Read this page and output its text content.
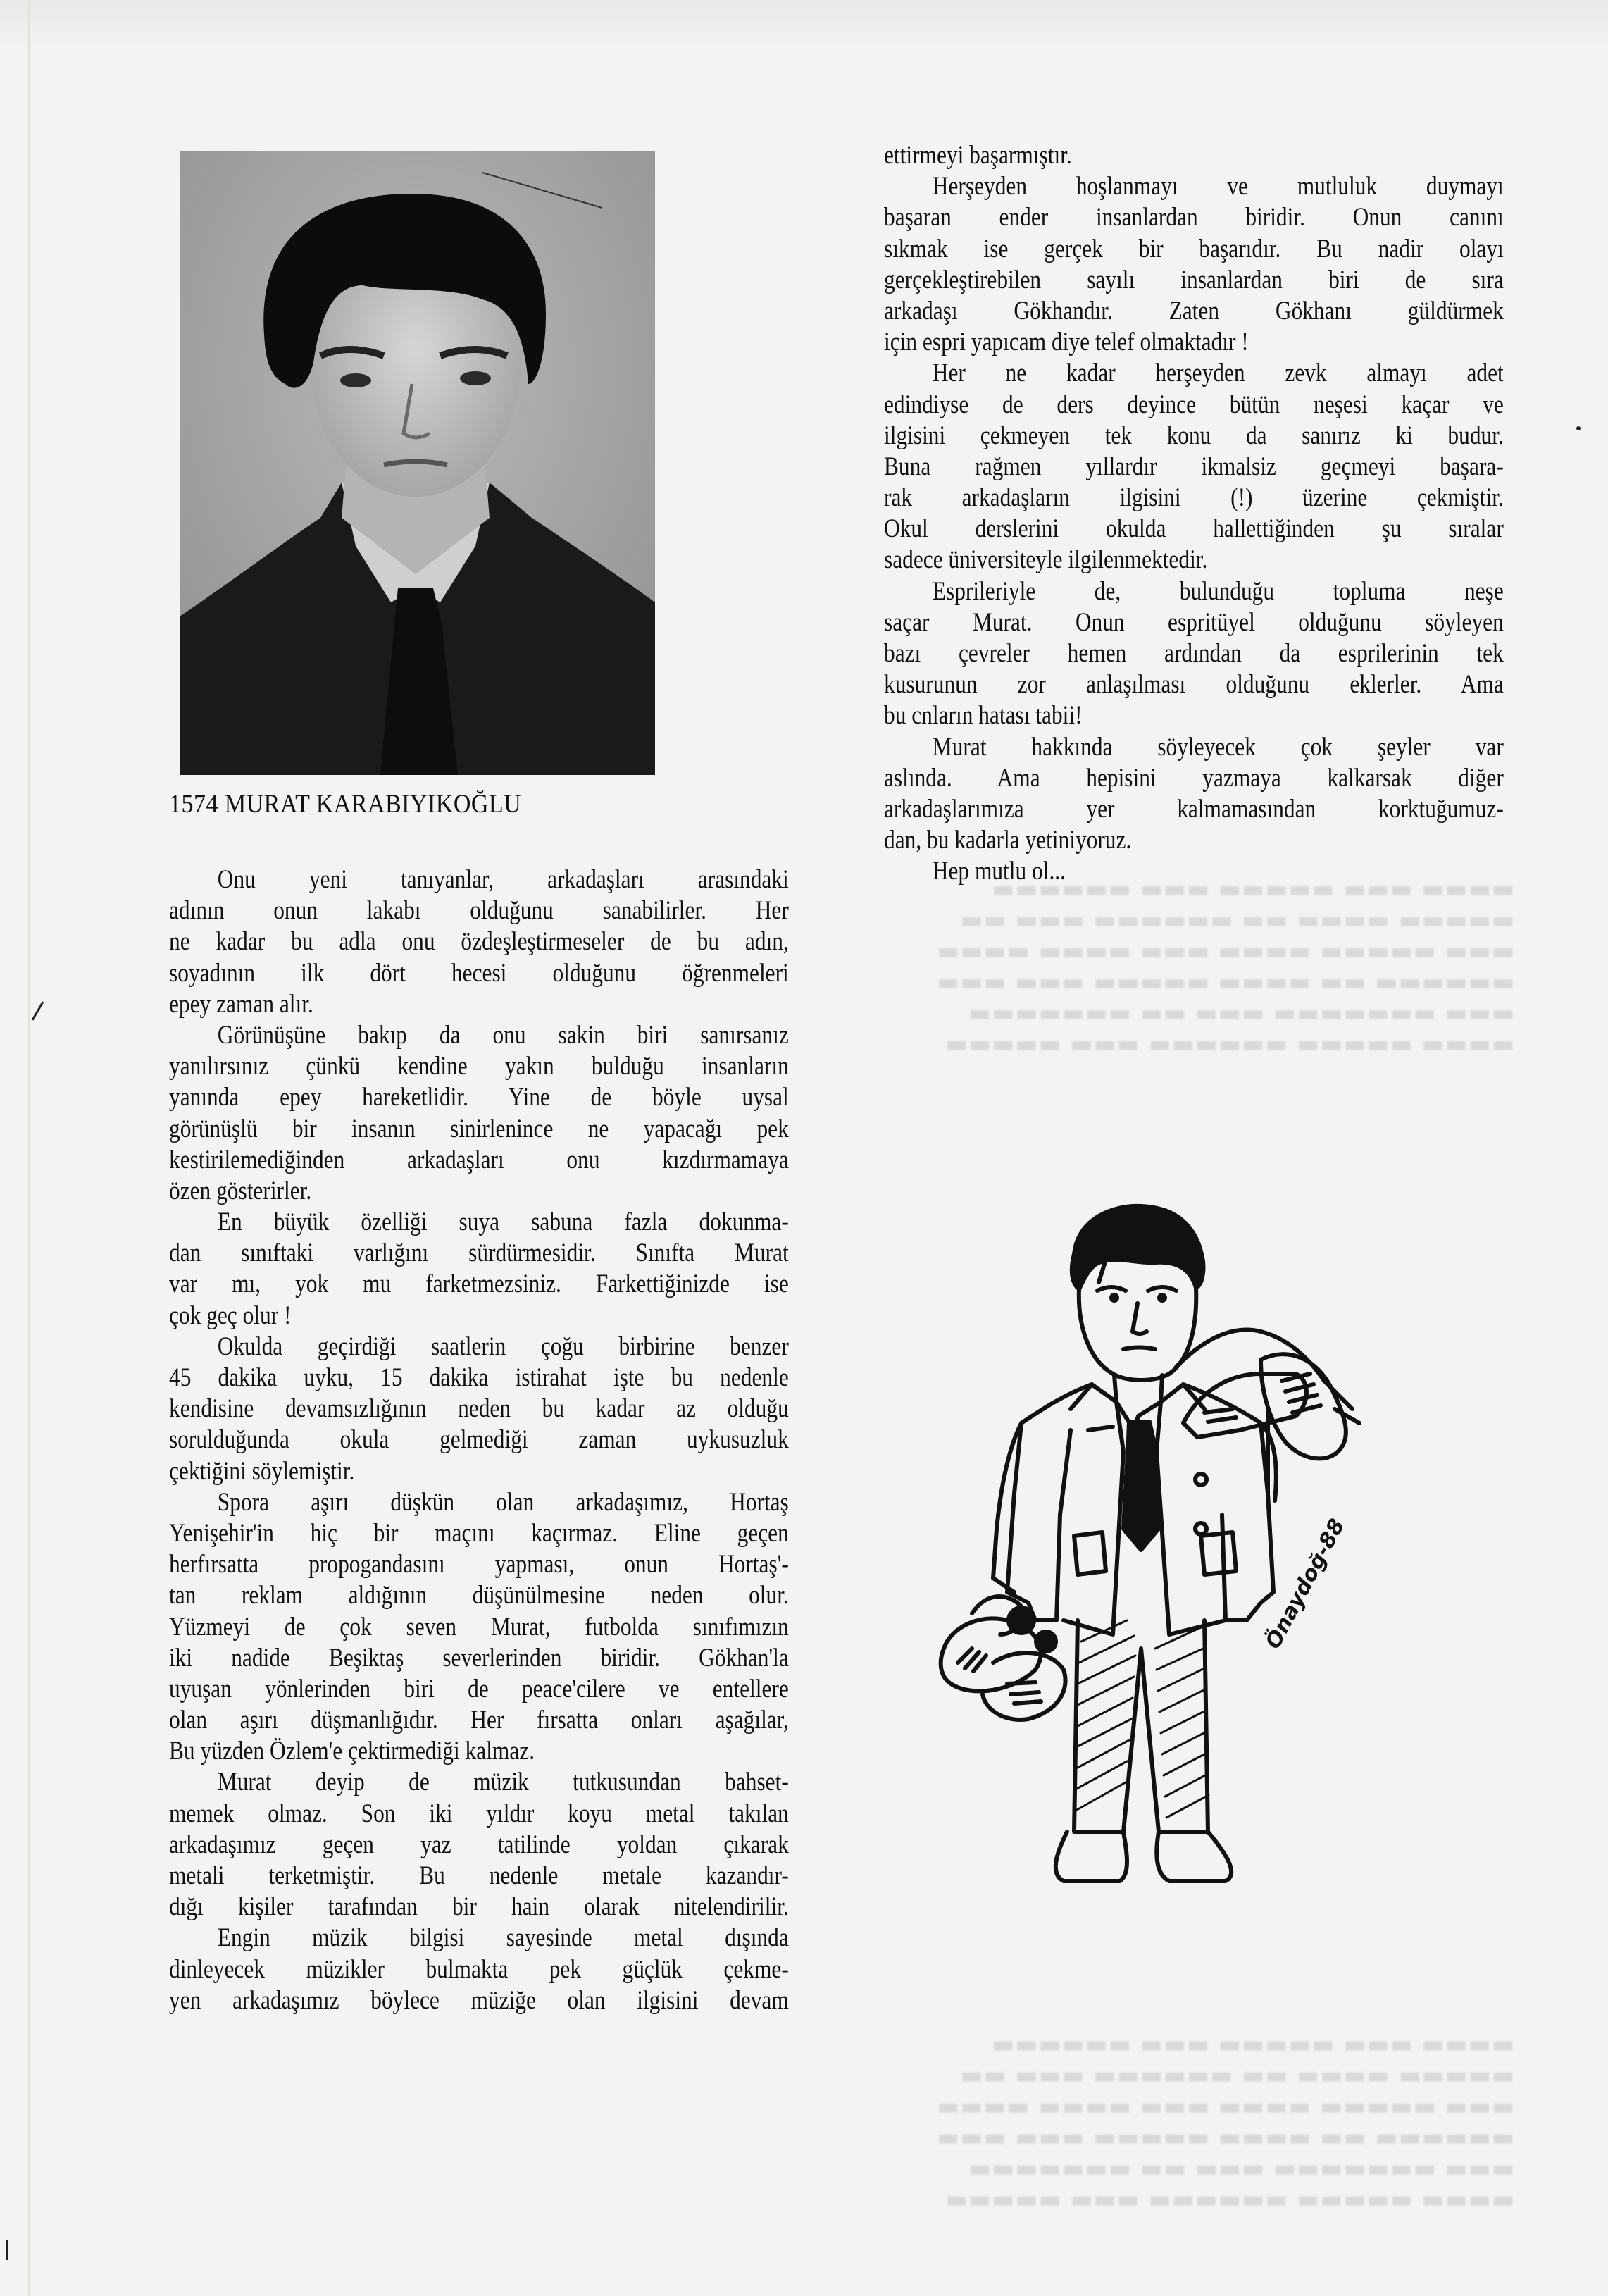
▬▬▬▬ ▬▬▬ ▬▬▬▬▬ ▬▬▬ ▬▬▬▬▬▬
▬▬▬▬▬ ▬▬▬▬ ▬▬ ▬▬▬▬▬▬ ▬▬▬ ▬▬
▬▬▬ ▬▬▬▬▬ ▬▬▬▬ ▬▬▬ ▬▬▬▬ ▬▬▬▬
▬▬▬▬▬▬ ▬▬ ▬▬▬▬ ▬▬▬▬▬ ▬▬▬ ▬▬▬
▬▬▬ ▬▬▬▬▬▬▬ ▬▬▬ ▬▬ ▬▬▬▬▬▬▬
▬▬▬▬ ▬▬▬▬▬ ▬▬▬▬▬▬ ▬▬▬ ▬▬▬▬▬
▬▬▬▬ ▬▬▬ ▬▬▬▬▬ ▬▬▬ ▬▬▬▬▬▬
▬▬▬▬▬ ▬▬▬▬ ▬▬ ▬▬▬▬▬▬ ▬▬▬ ▬▬
▬▬▬ ▬▬▬▬▬ ▬▬▬▬ ▬▬▬ ▬▬▬▬ ▬▬▬▬
▬▬▬▬▬▬ ▬▬ ▬▬▬▬ ▬▬▬▬▬ ▬▬▬ ▬▬▬
▬▬▬ ▬▬▬▬▬▬▬ ▬▬▬ ▬▬ ▬▬▬▬▬▬▬
▬▬▬▬ ▬▬▬▬▬ ▬▬▬▬▬▬ ▬▬▬ ▬▬▬▬▬
1574 MURAT KARABIYIKOĞLU
Onu yeni tanıyanlar, arkadaşları arasındaki
adının onun lakabı olduğunu sanabilirler. Her
ne kadar bu adla onu özdeşleştirmeseler de bu adın,
soyadının ilk dört hecesi olduğunu öğrenmeleri
epey zaman alır.
Görünüşüne bakıp da onu sakin biri sanırsanız
yanılırsınız çünkü kendine yakın bulduğu insanların
yanında epey hareketlidir. Yine de böyle uysal
görünüşlü bir insanın sinirlenince ne yapacağı pek
kestirilemediğinden arkadaşları onu kızdırmamaya
özen gösterirler.
En büyük özelliği suya sabuna fazla dokunma-
dan sınıftaki varlığını sürdürmesidir. Sınıfta Murat
var mı, yok mu farketmezsiniz. Farkettiğinizde ise
çok geç olur !
Okulda geçirdiği saatlerin çoğu birbirine benzer
45 dakika uyku, 15 dakika istirahat işte bu nedenle
kendisine devamsızlığının neden bu kadar az olduğu
sorulduğunda okula gelmediği zaman uykusuzluk
çektiğini söylemiştir.
Spora aşırı düşkün olan arkadaşımız, Hortaş
Yenişehir'in hiç bir maçını kaçırmaz. Eline geçen
herfırsatta propogandasını yapması, onun Hortaş'-
tan reklam aldığının düşünülmesine neden olur.
Yüzmeyi de çok seven Murat, futbolda sınıfımızın
iki nadide Beşiktaş severlerinden biridir. Gökhan'la
uyuşan yönlerinden biri de peace'cilere ve entellere
olan aşırı düşmanlığıdır. Her fırsatta onları aşağılar,
Bu yüzden Özlem'e çektirmediği kalmaz.
Murat deyip de müzik tutkusundan bahset-
memek olmaz. Son iki yıldır koyu metal takılan
arkadaşımız geçen yaz tatilinde yoldan çıkarak
metali terketmiştir. Bu nedenle metale kazandır-
dığı kişiler tarafından bir hain olarak nitelendirilir.
Engin müzik bilgisi sayesinde metal dışında
dinleyecek müzikler bulmakta pek güçlük çekme-
yen arkadaşımız böylece müziğe olan ilgisini devam
ettirmeyi başarmıştır.
Herşeyden hoşlanmayı ve mutluluk duymayı
başaran ender insanlardan biridir. Onun canını
sıkmak ise gerçek bir başarıdır. Bu nadir olayı
gerçekleştirebilen sayılı insanlardan biri de sıra
arkadaşı Gökhandır. Zaten Gökhanı güldürmek
için espri yapıcam diye telef olmaktadır !
Her ne kadar herşeyden zevk almayı adet
edindiyse de ders deyince bütün neşesi kaçar ve
ilgisini çekmeyen tek konu da sanırız ki budur.
Buna rağmen yıllardır ikmalsiz geçmeyi başara-
rak arkadaşların ilgisini (!) üzerine çekmiştir.
Okul derslerini okulda hallettiğinden şu sıralar
sadece üniversiteyle ilgilenmektedir.
Esprileriyle de, bulunduğu topluma neşe
saçar Murat. Onun espritüyel olduğunu söyleyen
bazı çevreler hemen ardından da esprilerinin tek
kusurunun zor anlaşılması olduğunu eklerler. Ama
bu cnların hatası tabii!
Murat hakkında söyleyecek çok şeyler var
aslında. Ama hepisini yazmaya kalkarsak diğer
arkadaşlarımıza yer kalmamasından korktuğumuz-
dan, bu kadarla yetiniyoruz.
Hep mutlu ol...
Önaydoğ-88
